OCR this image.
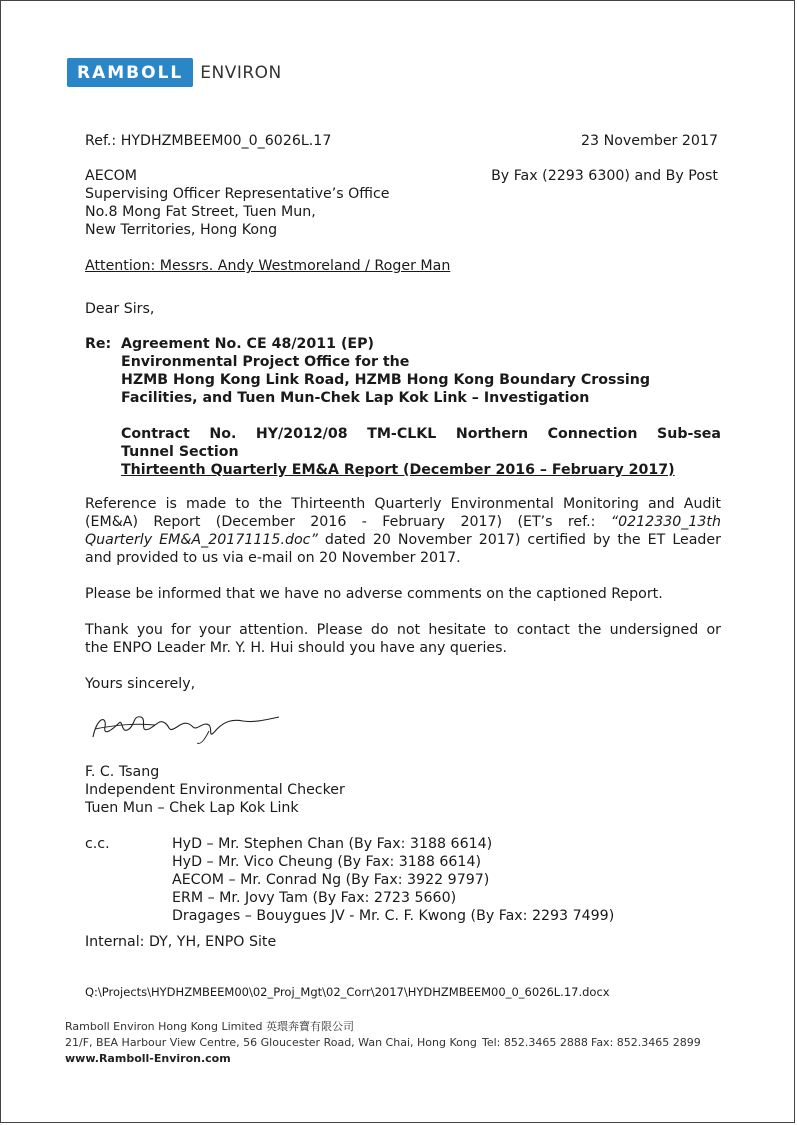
RAMBOLL	ENVIRON
Ref.: HYDHZMBEEM00_0_6026L.17	23 November 2017
By Fax (2293 6300) and By Post
AECOM
Supervising Officer Representative’s Office
No.8 Mong Fat Street, Tuen Mun,
New Territories, Hong Kong
Attention: Messrs. Andy Westmoreland / Roger Man
Dear Sirs,
Re: Agreement No. CE 48/2011 (EP)
Environmental Project Office for the
HZMB Hong Kong Link Road, HZMB Hong Kong Boundary Crossing
Facilities, and Tuen Mun-Chek Lap Kok Link – Investigation
Contract No. HY/2012/08 TM-CLKL Northern Connection Sub-sea
Tunnel Section
Thirteenth Quarterly EM&A Report (December 2016 – February 2017)
Reference is made to the Thirteenth Quarterly Environmental Monitoring and Audit
(EM&A) Report (December 2016 - February 2017) (ET’s ref.: “0212330_13th
Quarterly EM&A_20171115.doc” dated 20 November 2017) certified by the ET Leader
and provided to us via e-mail on 20 November 2017.
Please be informed that we have no adverse comments on the captioned Report.
Thank you for your attention. Please do not hesitate to contact the undersigned or
the ENPO Leader Mr. Y. H. Hui should you have any queries.
Yours sincerely,
F. C. Tsang
Independent Environmental Checker
Tuen Mun – Chek Lap Kok Link
c.c.	HyD – Mr. Stephen Chan (By Fax: 3188 6614)
HyD – Mr. Vico Cheung (By Fax: 3188 6614)
AECOM – Mr. Conrad Ng (By Fax: 3922 9797)
ERM – Mr. Jovy Tam (By Fax: 2723 5660)
Dragages – Bouygues JV - Mr. C. F. Kwong (By Fax: 2293 7499)
Internal: DY, YH, ENPO Site
Q:\Projects\HYDHZMBEEM00\02_Proj_Mgt\02_Corr\2017\HYDHZMBEEM00_0_6026L.17.docx
Ramboll Environ Hong Kong Limited 英環奔寶有限公司
21/F, BEA Harbour View Centre, 56 Gloucester Road, Wan Chai, Hong Kong Tel: 852.3465 2888 Fax: 852.3465 2899
www.Ramboll-Environ.com
